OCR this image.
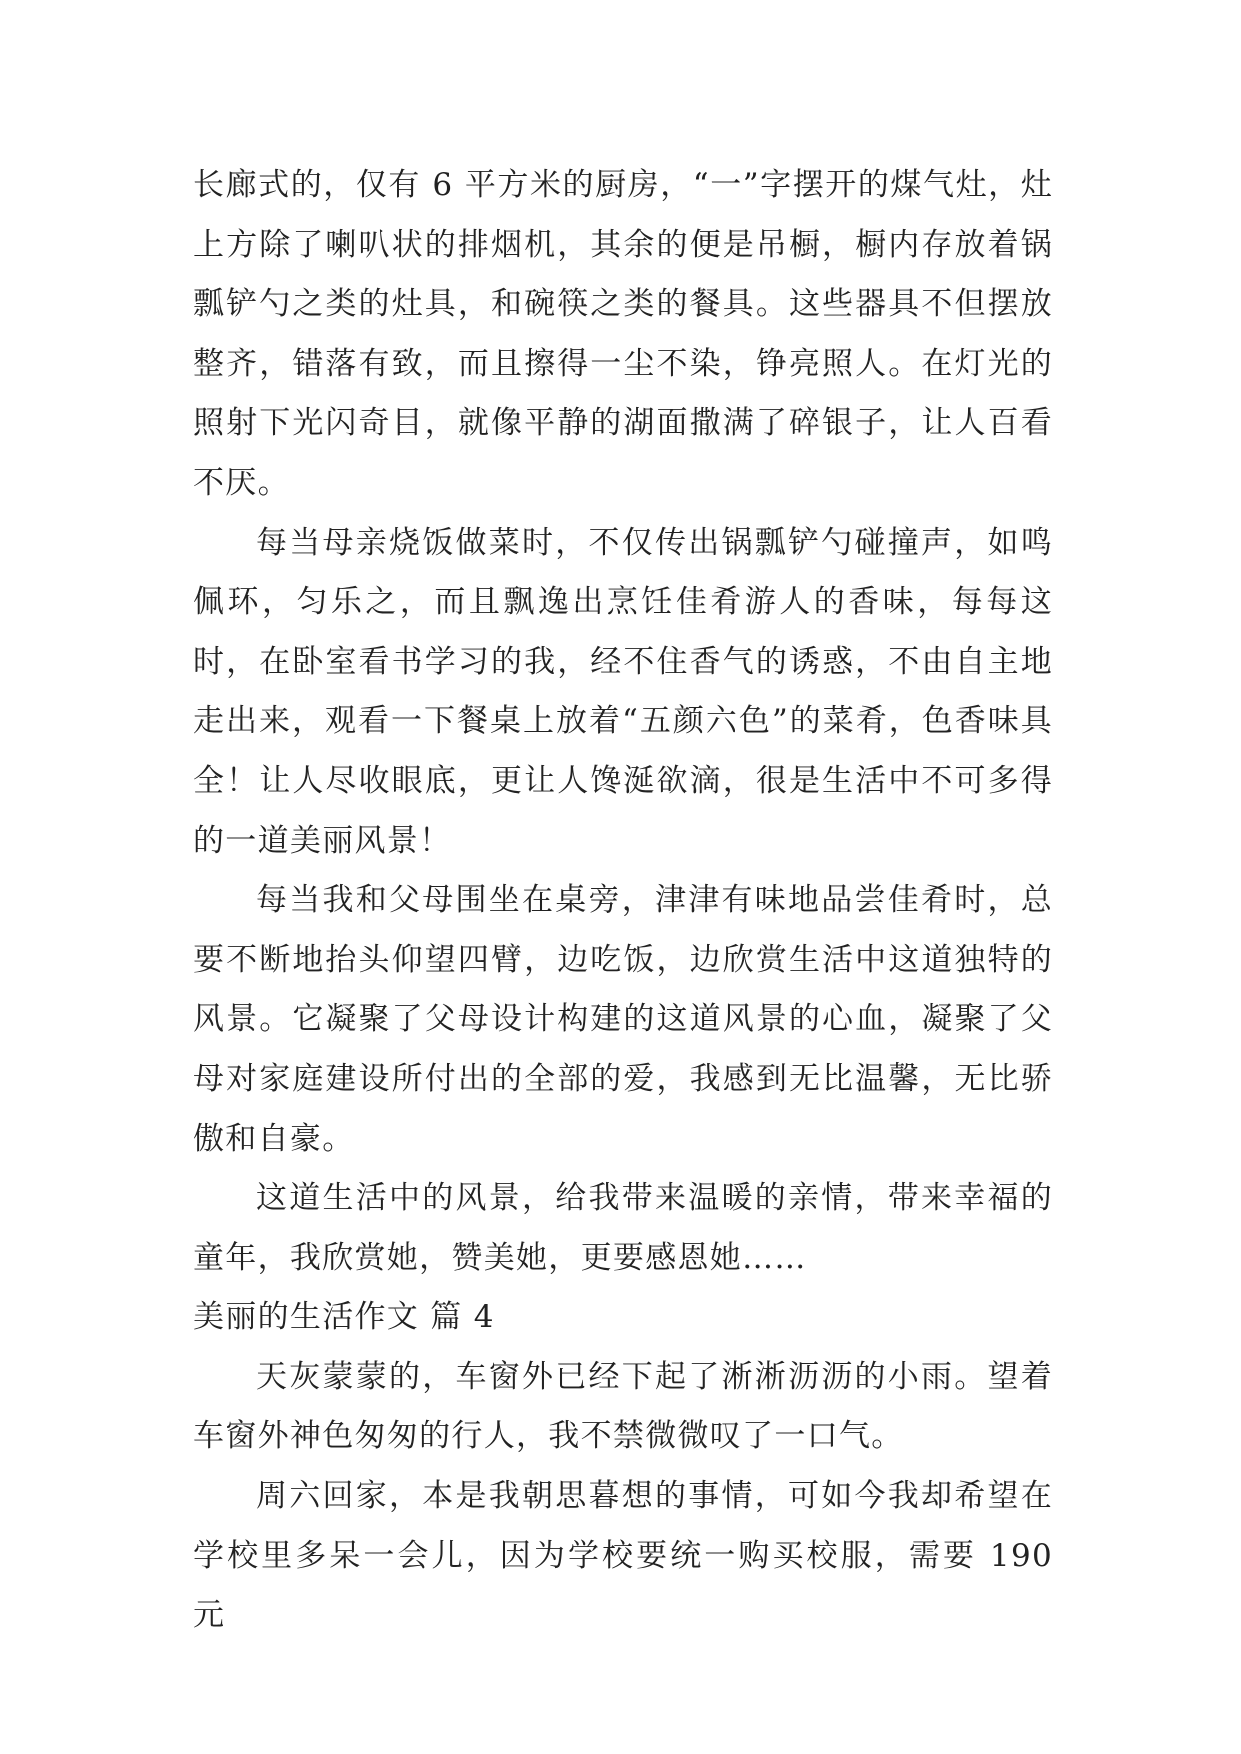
长廊式的，仅有 6 平方米的厨房，“一”字摆开的煤气灶，灶上方除了喇叭状的排烟机，其余的便是吊橱，橱内存放着锅瓢铲勺之类的灶具，和碗筷之类的餐具。这些器具不但摆放整齐，错落有致，而且擦得一尘不染，铮亮照人。在灯光的照射下光闪奇目，就像平静的湖面撒满了碎银子，让人百看不厌。

每当母亲烧饭做菜时，不仅传出锅瓢铲勺碰撞声，如鸣佩环，匀乐之，而且飘逸出烹饪佳肴游人的香味，每每这时，在卧室看书学习的我，经不住香气的诱惑，不由自主地走出来，观看一下餐桌上放着“五颜六色”的菜肴，色香味具全！让人尽收眼底，更让人馋涎欲滴，很是生活中不可多得的一道美丽风景！

每当我和父母围坐在桌旁，津津有味地品尝佳肴时，总要不断地抬头仰望四臂，边吃饭，边欣赏生活中这道独特的风景。它凝聚了父母设计构建的这道风景的心血，凝聚了父母对家庭建设所付出的全部的爱，我感到无比温馨，无比骄傲和自豪。

这道生活中的风景，给我带来温暖的亲情，带来幸福的童年，我欣赏她，赞美她，更要感恩她……

美丽的生活作文 篇 4

天灰蒙蒙的，车窗外已经下起了淅淅沥沥的小雨。望着车窗外神色匆匆的行人，我不禁微微叹了一口气。

周六回家，本是我朝思暮想的事情，可如今我却希望在学校里多呆一会儿，因为学校要统一购买校服，需要 190 元
